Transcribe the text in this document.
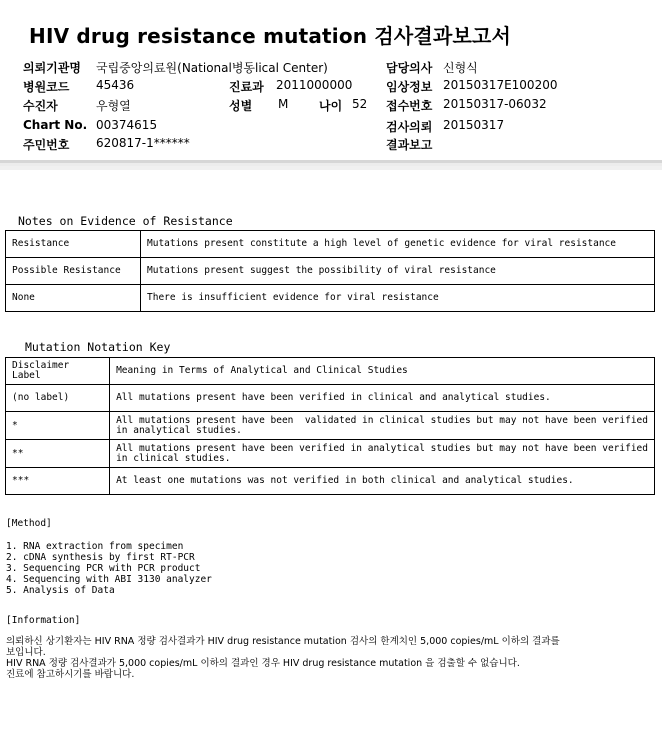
HIV drug resistance mutation 검사결과보고서
의뢰기관명 국립중앙의료원(National병동lical Center)	담당의사 신형식
병원코드 45436	진료과 2011000000	임상정보 20150317E100200
수진자	우형열	성별 M	나이 52 접수번호 20150317-06032
Chart No. 00374615	검사의뢰 20150317
주민번호 620817-1******	결과보고
Notes on Evidence of Resistance
Resistance	Mutations present constitute a high level of genetic evidence for viral resistance
Possible Resistance	Mutations present suggest the possibility of viral resistance
None	There is insufficient evidence for viral resistance
Mutation Notation Key
Disclaimer Label	Meaning in Terms of Analytical and Clinical Studies
(no label)	All mutations present have been verified in clinical and analytical studies.
*	All mutations present have been  validated in clinical studies but may not have been verified
in analytical studies.
**	All mutations present have been verified in analytical studies but may not have been verified
in clinical studies.
***	At least one mutations was not verified in both clinical and analytical studies.
[Method]
1. RNA extraction from specimen
2. cDNA synthesis by first RT-PCR
3. Sequencing PCR with PCR product
4. Sequencing with ABI 3130 analyzer
5. Analysis of Data
[Information]
의뢰하신 상기환자는 HIV RNA 정량 검사결과가 HIV drug resistance mutation 검사의 한계치인 5,000 copies/mL 이하의 결과를
보입니다.
HIV RNA 정량 검사결과가 5,000 copies/mL 이하의 결과인 경우 HIV drug resistance mutation 을 검출할 수 없습니다.
진료에 참고하시기를 바랍니다.
